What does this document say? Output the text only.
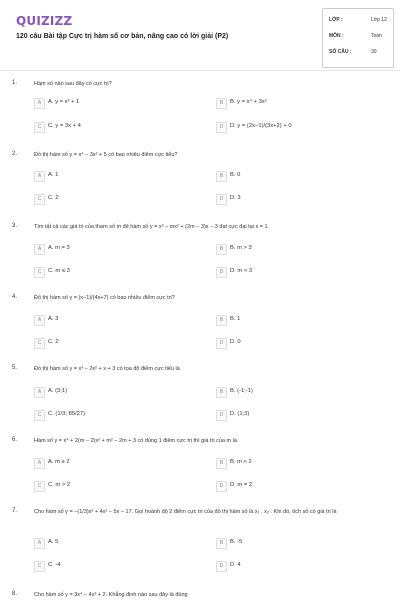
QUIZIZZ
120 câu Bài tập Cực trị hàm số cơ bản, nâng cao có lời giải (P2)
LỚP :	Lớp 12
MÔN :	Toán
SỐ CÂU :	30
1.	Hàm số nào sau đây có cực trị?
A	A. y = x³ + 1	B	B. y = x⁴ + 3x²
C	C. y = 3x + 4	D	D. y = (2x−1)/(3x+2) + 0
2.	Đồ thị hàm số y = x⁴ − 3x² + 5 có bao nhiêu điểm cực tiểu?
A	A. 1	B	B. 0
C	C. 2	D	D. 3
3.	Tìm tất cả các giá trị của tham số m để hàm số y = x³ − mx² + (2m − 3)x − 3 đạt cực đại tại x = 1
A	A. m = 3	B	B. m > 3
C	C. m ≤ 3	D	D. m < 3
4.	Đồ thị hàm số y = (x−1)/(4x+7) có bao nhiêu điểm cực trị?
A	A. 3	B	B. 1
C	C. 2	D	D. 0
5.	Đồ thị hàm số y = x³ − 2x² + x + 3 có tọa độ điểm cực tiểu là
A	A. (3;1)	B	B. (-1;-1)
C	C. (1/3; 85/27)	D	D. (1;3)
6.	Hàm số y = x⁴ + 2(m − 2)x² + m² − 2m + 3 có đúng 1 điểm cực trị thì giá trị của m là
A	A. m ≥ 2	B	B. m < 2
C	C. m > 2	D	D. m = 2
7.	Cho hàm số y = −(1/3)x³ + 4x² − 5x − 17. Gọi hoành độ 2 điểm cực trị của đồ thị hàm số là x₁ , x₂ . Khi đó, tích số có giá trị là
A	A. 5	B	B. -5
C	C. -4	D	D. 4
8.	Cho hàm số y = 3x⁴ − 4x³ + 2. Khẳng định nào sau đây là đúng
